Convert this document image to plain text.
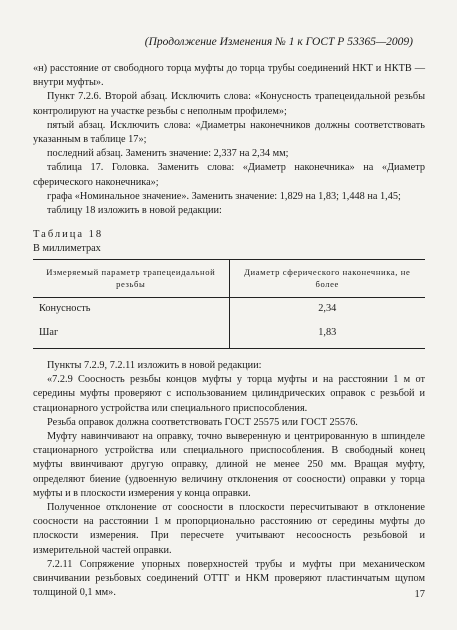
(Продолжение Изменения № 1 к ГОСТ Р 53365—2009)

«н) расстояние от свободного торца муфты до торца трубы соединений НКТ и НКТВ — внутри муфты».

Пункт 7.2.6. Второй абзац. Исключить слова: «Конусность трапецеидальной резьбы контролируют на участке резьбы с неполным профилем»;

пятый абзац. Исключить слова: «Диаметры наконечников должны соответствовать указанным в таблице 17»;

последний абзац. Заменить значение: 2,337 на 2,34 мм;

таблица 17. Головка. Заменить слова: «Диаметр наконечника» на «Диаметр сферического наконечника»;

графа «Номинальное значение». Заменить значение: 1,829 на 1,83; 1,448 на 1,45;

таблицу 18 изложить в новой редакции:

Таблица 18

В миллиметрах

Измеряемый параметр трапецеидальной резьбы	Диаметр сферического наконечника, не более
Конусность	2,34
Шаг	1,83

Пункты 7.2.9, 7.2.11 изложить в новой редакции:

«7.2.9 Соосность резьбы концов муфты у торца муфты и на расстоянии 1 м от середины муфты проверяют с использованием цилиндрических оправок с резьбой и стационарного устройства или специального приспособления.

Резьба оправок должна соответствовать ГОСТ 25575 или ГОСТ 25576.

Муфту навинчивают на оправку, точно выверенную и центрированную в шпинделе стационарного устройства или специального приспособления. В свободный конец муфты ввинчивают другую оправку, длиной не менее 250 мм. Вращая муфту, определяют биение (удвоенную величину отклонения от соосности) оправки у торца муфты и в плоскости измерения у конца оправки.

Полученное отклонение от соосности в плоскости пересчитывают в отклонение соосности на расстоянии 1 м пропорционально расстоянию от середины муфты до плоскости измерения. При пересчете учитывают несоосность резьбовой и измерительной частей оправки.

7.2.11 Сопряжение упорных поверхностей трубы и муфты при механическом свинчивании резьбовых соединений ОТТГ и НКМ проверяют пластинчатым щупом толщиной 0,1 мм».	17
